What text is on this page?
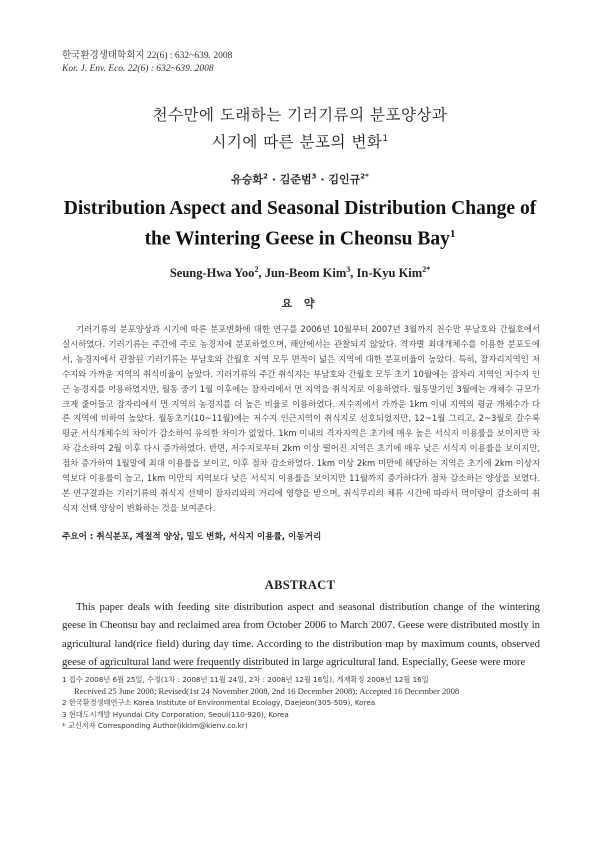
한국환경생태학회지 22(6) : 632~639. 2008
Kor. J. Env. Eco. 22(6) : 632~639. 2008
천수만에 도래하는 기러기류의 분포양상과
시기에 따른 분포의 변화$^1$
유승화$^2$ · 김준범$^3$ · 김인규$^{2*}$
Distribution Aspect and Seasonal Distribution Change of
the Wintering Geese in Cheonsu Bay$^1$
Seung-Hwa Yoo$^2$, Jun-Beom Kim$^3$, In-Kyu Kim$^{2*}$
요 약
기러기류의 분포양상과 시기에 따른 분포변화에 대한 연구를 2006년 10월부터 2007년 3월까지 천수만 부남호와 간월호에서 실시하였다. 기러기류는 주간에 주로 농경지에 분포하였으며, 해안에서는 관찰되지 않았다. 격자별 최대개체수를 이용한 분포도에서, 농경지에서 관찰된 기러기류는 부남호와 간월호 지역 모두 면적이 넓은 지역에 대한 분포비율이 높았다. 특히, 잠자리지역인 저수지와 가까운 지역의 취식비율이 높았다. 기러기류의 주간 취식지는 부남호와 간월호 모두 초기 10월에는 잠자리 지역인 저수지 인근 농경지를 이용하였지만, 월동 중기 1월 이후에는 잠자리에서 먼 지역을 취식지로 이용하였다. 월동말기인 3월에는 개체수 규모가 크게 줄어들고 잠자리에서 먼 지역의 농경지를 더 높은 비율로 이용하였다. 저수지에서 가까운 1km 이내 지역의 평균 개체수가 다른 지역에 비하여 높았다. 월동초기(10~11월)에는 저수지 인근지역이 취식지로 선호되었지만, 12~1월 그리고, 2~3월로 갈수록 평균 서식개체수의 차이가 감소하여 유의한 차이가 없었다. 1km 이내의 격자지역은 초기에 매우 높은 서식지 이용률을 보이지만 차차 감소하여 2월 이후 다시 증가하였다. 반면, 저수지로부터 2km 이상 떨어진 지역은 초기에 매우 낮은 서식지 이용률을 보이지만, 점차 증가하여 1월말에 최대 이용률을 보이고, 이후 점차 감소하였다. 1km 이상 2km 미만에 해당하는 지역은 초기에 2km 이상지역보다 이용률이 높고, 1km 미만의 지역보다 낮은 서식지 이용률을 보이지만 11월까지 증가하다가 점차 감소하는 양상을 보였다. 본 연구결과는 기러기류의 취식지 선택이 잠자리와의 거리에 영향을 받으며, 취식무리의 체류 시간에 따라서 먹이량이 감소하여 취식지 선택 양상이 변화하는 것을 보여준다.
주요어 : 취식분포, 계절적 양상, 밀도 변화, 서식지 이용률, 이동거리
ABSTRACT
This paper deals with feeding site distribution aspect and seasonal distribution change of the wintering geese in Cheonsu bay and reclaimed area from October 2006 to March 2007. Geese were distributed mostly in agricultural land(rice field) during day time. According to the distribution map by maximum counts, observed geese of agricultural land were frequently distributed in large agricultural land. Especially, Geese were more
1 접수 2008년 6월 25일, 수정(1차 : 2008년 11월 24일, 2차 : 2008년 12월 16일), 게재확정 2008년 12월 16일
Received 25 June 2008; Revised(1st 24 November 2008, 2nd 16 December 2008); Accepted 16 December 2008
2 한국환경생태연구소 Korea Institute of Environmental Ecology, Daejeon(305-509), Korea
3 현대도시개발 Hyundai City Corporation, Seoul(110-920), Korea
* 교신저자 Corresponding Author(ikkim@kienv.co.kr)
